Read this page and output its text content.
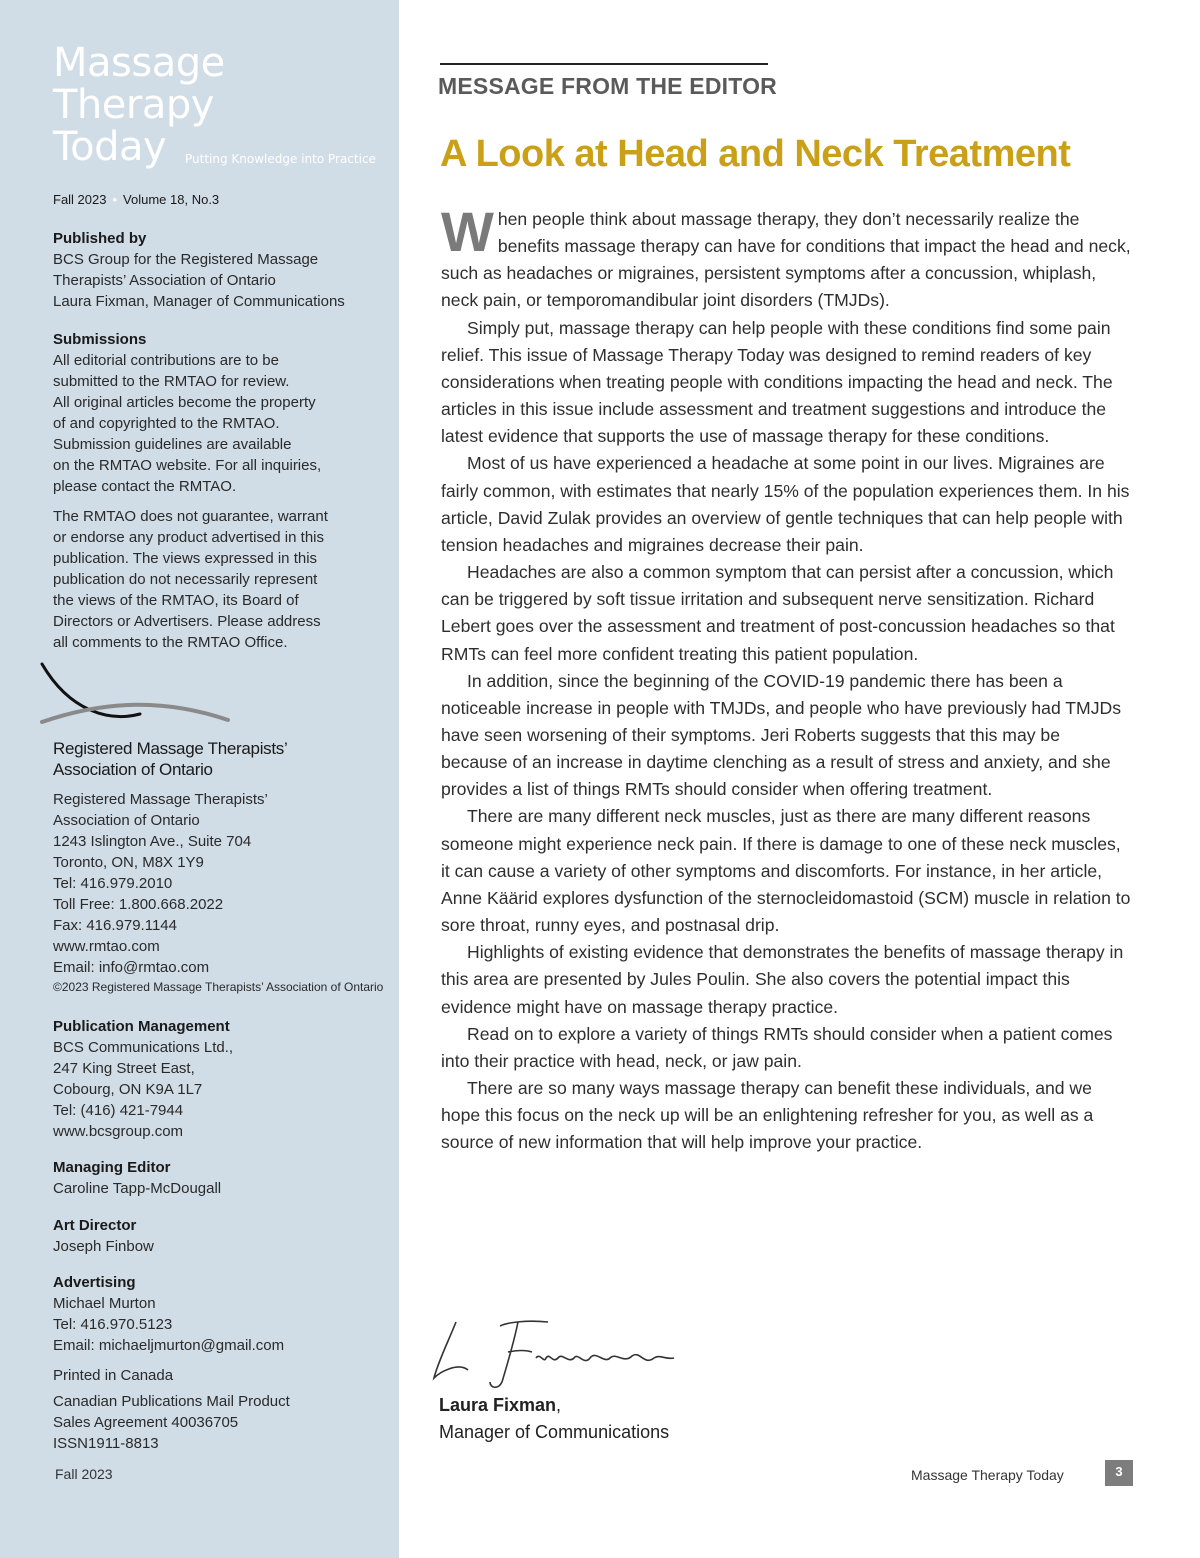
Massage
Therapy
Today	Putting Knowledge into Practice
Fall 2023 • Volume 18, No.3
Published by
BCS Group for the Registered Massage
Therapists’ Association of Ontario
Laura Fixman, Manager of Communications
Submissions
All editorial contributions are to be
submitted to the RMTAO for review.
All original articles become the property
of and copyrighted to the RMTAO.
Submission guidelines are available
on the RMTAO website. For all inquiries,
please contact the RMTAO.
The RMTAO does not guarantee, warrant
or endorse any product advertised in this
publication. The views expressed in this
publication do not necessarily represent
the views of the RMTAO, its Board of
Directors or Advertisers. Please address
all comments to the RMTAO Office.
Registered Massage Therapists’
Association of Ontario
Registered Massage Therapists’
Association of Ontario
1243 Islington Ave., Suite 704
Toronto, ON, M8X 1Y9
Tel: 416.979.2010
Toll Free: 1.800.668.2022
Fax: 416.979.1144
www.rmtao.com
Email: info@rmtao.com
©2023 Registered Massage Therapists’ Association of Ontario
Publication Management
BCS Communications Ltd.,
247 King Street East,
Cobourg, ON K9A 1L7
Tel: (416) 421-7944
www.bcsgroup.com
Managing Editor
Caroline Tapp-McDougall
Art Director
Joseph Finbow
Advertising
Michael Murton
Tel: 416.970.5123
Email: michaeljmurton@gmail.com
Printed in Canada
Canadian Publications Mail Product
Sales Agreement 40036705
ISSN1911-8813
Fall 2023
MESSAGE FROM THE EDITOR
A Look at Head and Neck Treatment

When people think about massage therapy, they don’t necessarily realize the benefits massage therapy can have for conditions that impact the head and neck, such as headaches or migraines, persistent symptoms after a concussion, whiplash, neck pain, or temporomandibular joint disorders (TMJDs).

Simply put, massage therapy can help people with these conditions find some pain relief. This issue of Massage Therapy Today was designed to remind readers of key considerations when treating people with conditions impacting the head and neck. The articles in this issue include assessment and treatment suggestions and introduce the latest evidence that supports the use of massage therapy for these conditions.

Most of us have experienced a headache at some point in our lives. Migraines are fairly common, with estimates that nearly 15% of the population experiences them. In his article, David Zulak provides an overview of gentle techniques that can help people with tension headaches and migraines decrease their pain.

Headaches are also a common symptom that can persist after a concussion, which can be triggered by soft tissue irritation and subsequent nerve sensitization. Richard Lebert goes over the assessment and treatment of post-concussion headaches so that RMTs can feel more confident treating this patient population.

In addition, since the beginning of the COVID-19 pandemic there has been a noticeable increase in people with TMJDs, and people who have previously had TMJDs have seen worsening of their symptoms. Jeri Roberts suggests that this may be because of an increase in daytime clenching as a result of stress and anxiety, and she provides a list of things RMTs should consider when offering treatment.

There are many different neck muscles, just as there are many different reasons someone might experience neck pain. If there is damage to one of these neck muscles, it can cause a variety of other symptoms and discomforts. For instance, in her article, Anne Käärid explores dysfunction of the sternocleidomastoid (SCM) muscle in relation to sore throat, runny eyes, and postnasal drip.

Highlights of existing evidence that demonstrates the benefits of massage therapy in this area are presented by Jules Poulin. She also covers the potential impact this evidence might have on massage therapy practice.

Read on to explore a variety of things RMTs should consider when a patient comes into their practice with head, neck, or jaw pain.

There are so many ways massage therapy can benefit these individuals, and we hope this focus on the neck up will be an enlightening refresher for you, as well as a source of new information that will help improve your practice.

Laura Fixman,
Manager of Communications
Massage Therapy Today	3
